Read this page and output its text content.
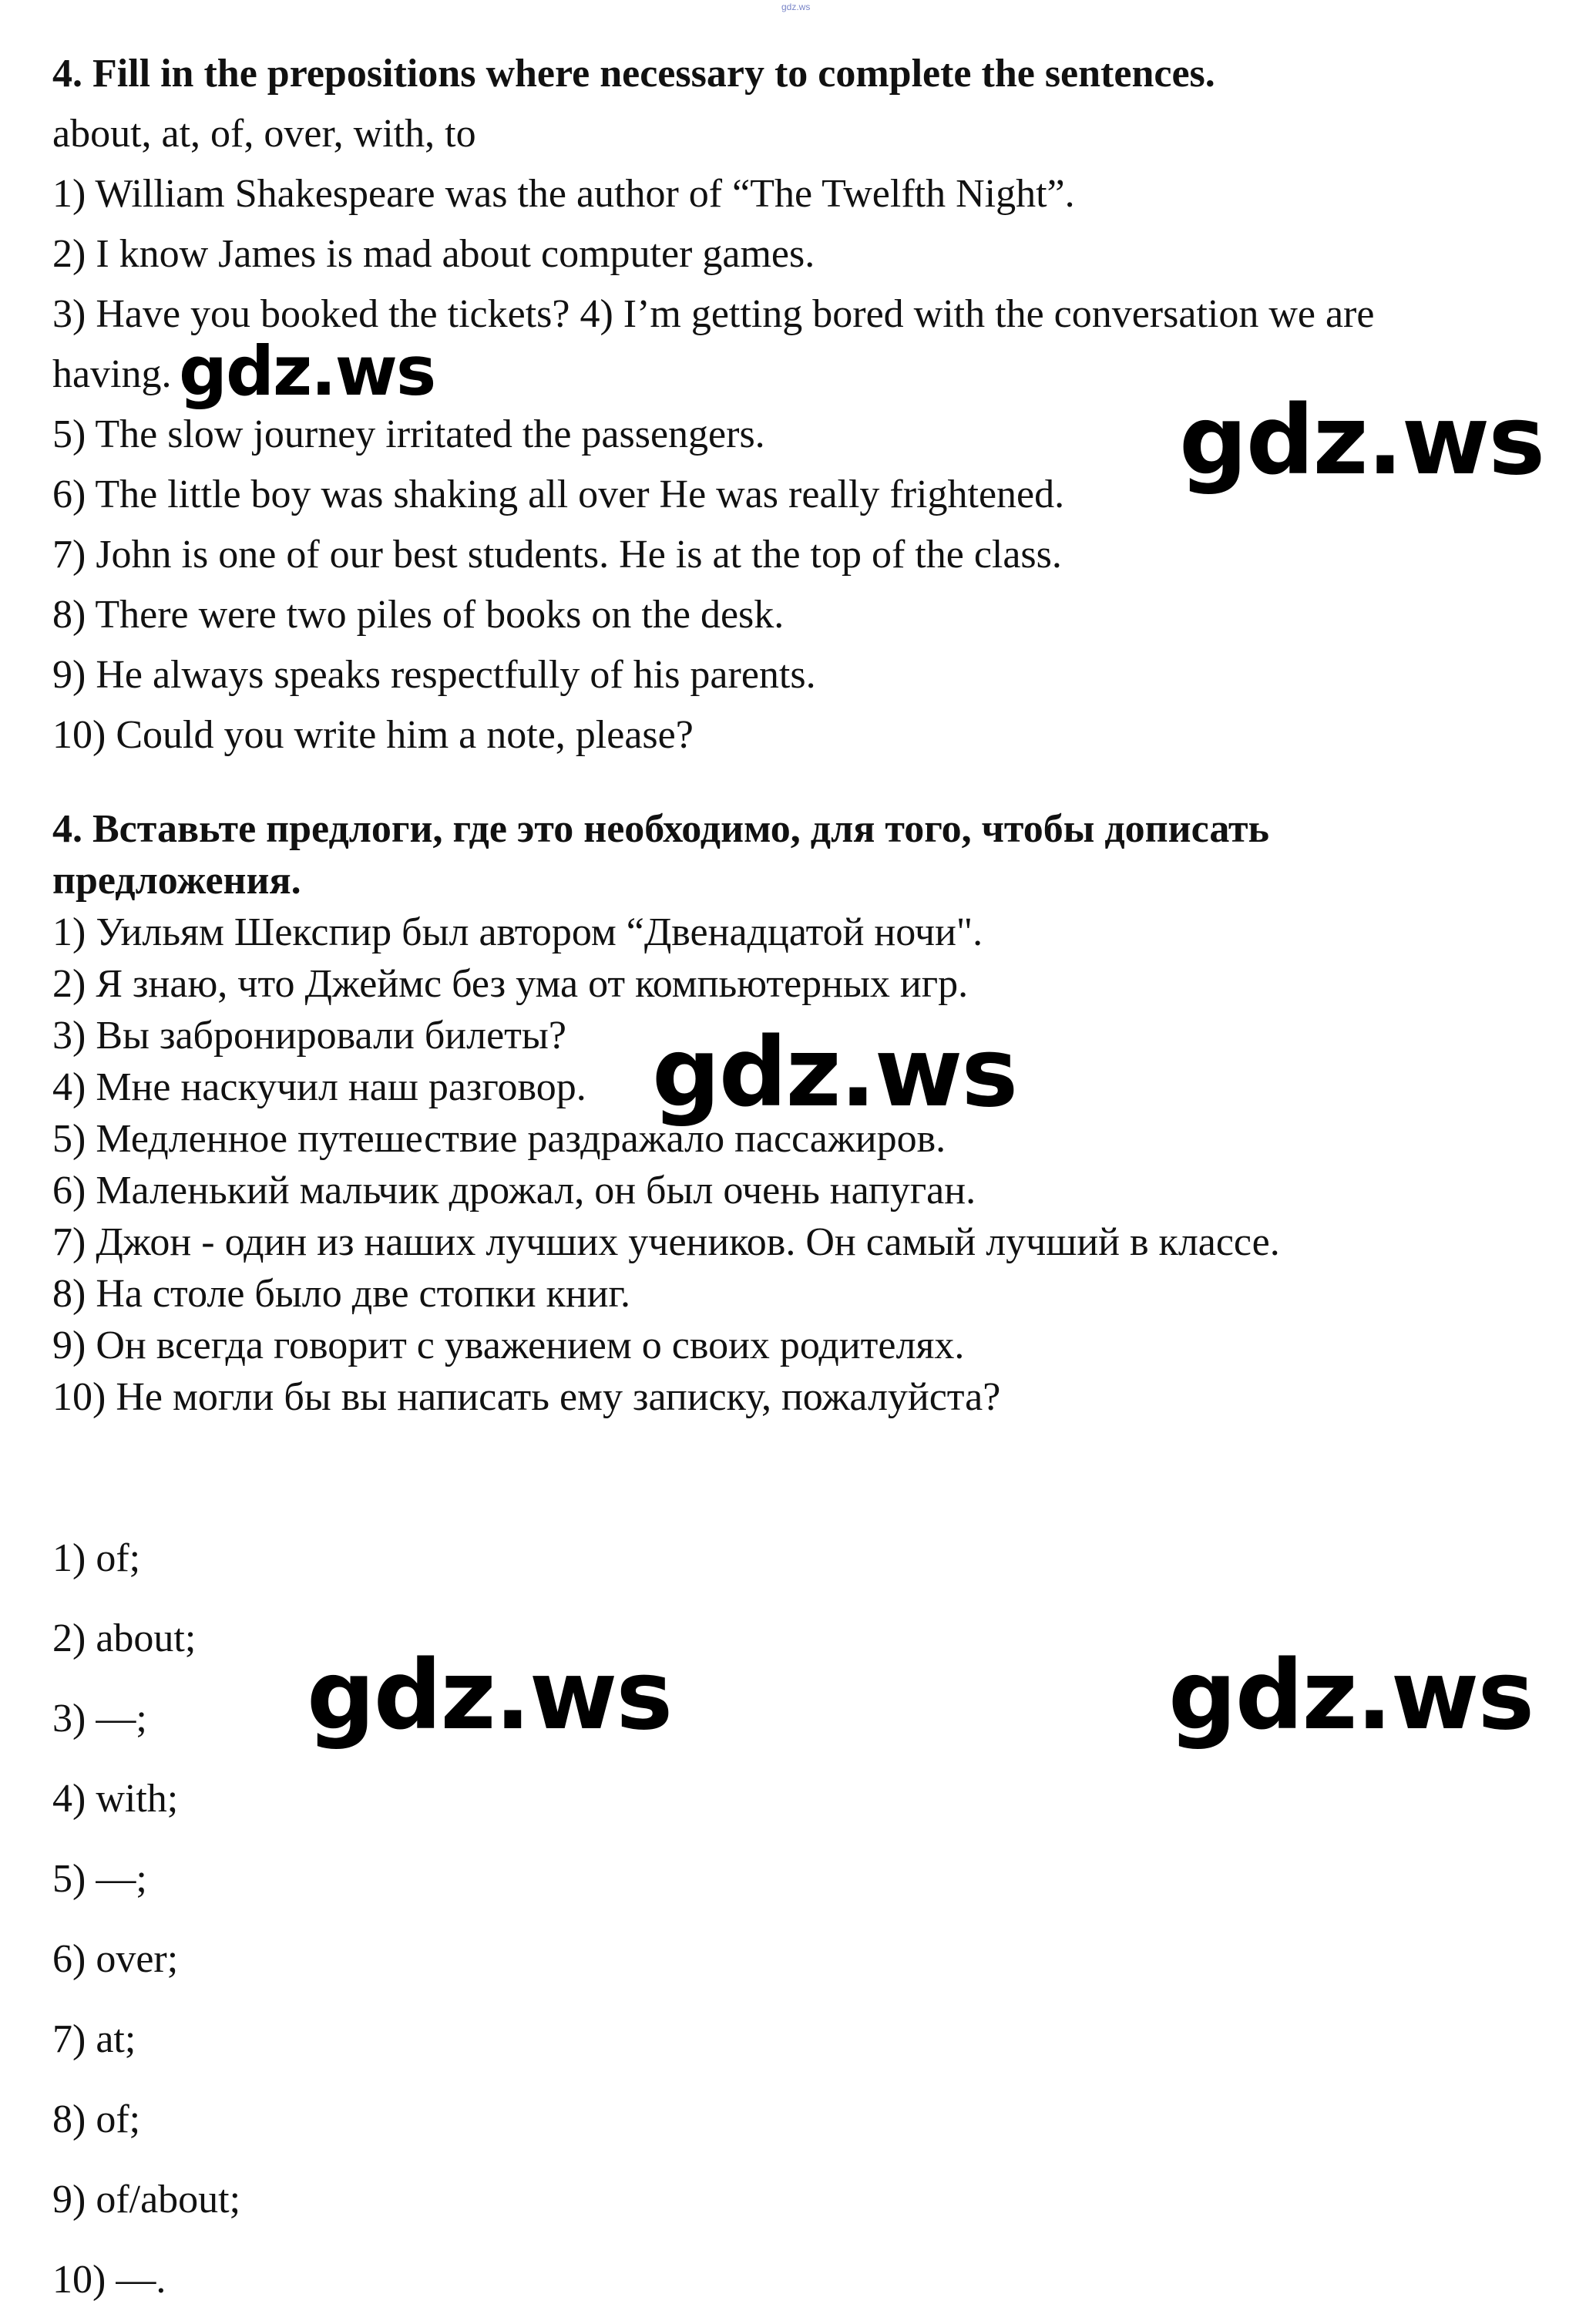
gdz.ws
4. Fill in the prepositions where necessary to complete the sentences.
about, at, of, over, with, to
1) William Shakespeare was the author of “The Twelfth Night”.
2) I know James is mad about computer games.
3) Have you booked the tickets? 4) I’m getting bored with the conversation we are
having.
5) The slow journey irritated the passengers.
6) The little boy was shaking all over He was really frightened.
7) John is one of our best students. He is at the top of the class.
8) There were two piles of books on the desk.
9) He always speaks respectfully of his parents.
10) Could you write him a note, please?
4. Вставьте предлоги, где это необходимо, для того, чтобы дописать
предложения.
1) Уильям Шекспир был автором “Двенадцатой ночи".
2) Я знаю, что Джеймс без ума от компьютерных игр.
3) Вы забронировали билеты?
4) Мне наскучил наш разговор.
5) Медленное путешествие раздражало пассажиров.
6) Маленький мальчик дрожал, он был очень напуган.
7) Джон - один из наших лучших учеников. Он самый лучший в классе.
8) На столе было две стопки книг.
9) Он всегда говорит с уважением о своих родителях.
10) Не могли бы вы написать ему записку, пожалуйста?
1) of;
2) about;
3) —;
4) with;
5) —;
6) over;
7) at;
8) of;
9) of/about;
10) —.
gdz.ws
gdz.ws
gdz.ws
gdz.ws	gdz.ws
